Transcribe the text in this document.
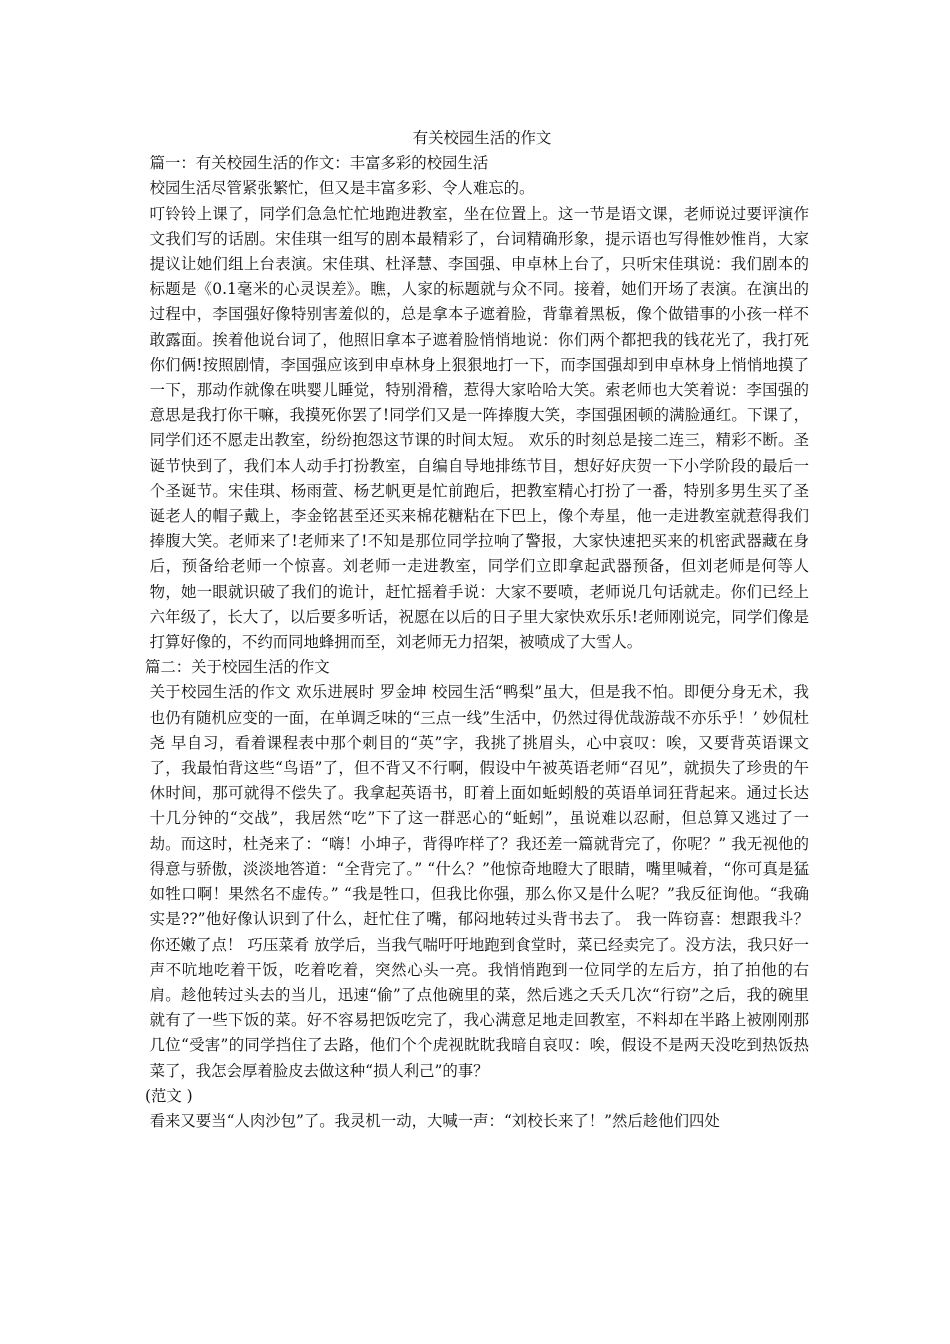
有关校园生活的作文

篇一：有关校园生活的作文：丰富多彩的校园生活

校园生活尽管紧张繁忙，但又是丰富多彩、令人难忘的。

叮铃铃上课了，同学们急急忙忙地跑进教室，坐在位置上。这一节是语文课，老师说过要评演作文我们写的话剧。宋佳琪一组写的剧本最精彩了，台词精确形象，提示语也写得惟妙惟肖，大家提议让她们组上台表演。宋佳琪、杜泽慧、李国强、申卓林上台了，只听宋佳琪说：我们剧本的标题是《0.1毫米的心灵误差》。瞧，人家的标题就与众不同。接着，她们开场了表演。在演出的过程中，李国强好像特别害羞似的，总是拿本子遮着脸，背靠着黑板，像个做错事的小孩一样不敢露面。挨着他说台词了，他照旧拿本子遮着脸悄悄地说：你们两个都把我的钱花光了，我打死你们俩!按照剧情，李国强应该到申卓林身上狠狠地打一下，而李国强却到申卓林身上悄悄地摸了一下，那动作就像在哄婴儿睡觉，特别滑稽，惹得大家哈哈大笑。索老师也大笑着说：李国强的意思是我打你干嘛，我摸死你罢了!同学们又是一阵捧腹大笑，李国强困顿的满脸通红。下课了，同学们还不愿走出教室，纷纷抱怨这节课的时间太短。 欢乐的时刻总是接二连三，精彩不断。圣诞节快到了，我们本人动手打扮教室，自编自导地排练节目，想好好庆贺一下小学阶段的最后一个圣诞节。宋佳琪、杨雨萱、杨艺帆更是忙前跑后，把教室精心打扮了一番，特别多男生买了圣诞老人的帽子戴上，李金铭甚至还买来棉花糖粘在下巴上，像个寿星，他一走进教室就惹得我们捧腹大笑。老师来了!老师来了!不知是那位同学拉响了警报，大家快速把买来的机密武器藏在身后，预备给老师一个惊喜。刘老师一走进教室，同学们立即拿起武器预备，但刘老师是何等人物，她一眼就识破了我们的诡计，赶忙摇着手说：大家不要喷，老师说几句话就走。你们已经上六年级了，长大了，以后要多听话，祝愿在以后的日子里大家快欢乐乐!老师刚说完，同学们像是打算好像的，不约而同地蜂拥而至，刘老师无力招架，被喷成了大雪人。

篇二：关于校园生活的作文

关于校园生活的作文 欢乐进展时 罗金坤 校园生活“鸭梨”虽大，但是我不怕。即便分身无术，我也仍有随机应变的一面，在单调乏味的“三点一线”生活中，仍然过得优哉游哉不亦乐乎！’ 妙侃杜尧 早自习，看着课程表中那个刺目的“英”字，我挑了挑眉头，心中哀叹：唉，又要背英语课文了，我最怕背这些“鸟语”了，但不背又不行啊，假设中午被英语老师“召见”，就损失了珍贵的午休时间，那可就得不偿失了。我拿起英语书，盯着上面如蚯蚓般的英语单词狂背起来。通过长达十几分钟的“交战”，我居然“吃”下了这一群恶心的“蚯蚓”，虽说难以忍耐，但总算又逃过了一劫。而这时，杜尧来了：“嗨！小坤子，背得咋样了？我还差一篇就背完了，你呢？” 我无视他的得意与骄傲，淡淡地答道：“全背完了。” “什么？”他惊奇地瞪大了眼睛，嘴里喊着，“你可真是猛如牲口啊！果然名不虚传。” “我是牲口，但我比你强，那么你又是什么呢？”我反征询他。“我确实是??”他好像认识到了什么，赶忙住了嘴，郁闷地转过头背书去了。 我一阵窃喜：想跟我斗？你还嫩了点！ 巧压菜肴 放学后，当我气喘吁吁地跑到食堂时，菜已经卖完了。没方法，我只好一声不吭地吃着干饭，吃着吃着，突然心头一亮。我悄悄跑到一位同学的左后方，拍了拍他的右肩。趁他转过头去的当儿，迅速“偷”了点他碗里的菜，然后逃之夭夭几次“行窃”之后，我的碗里就有了一些下饭的菜。好不容易把饭吃完了，我心满意足地走回教室，不料却在半路上被刚刚那几位“受害”的同学挡住了去路，他们个个虎视眈眈我暗自哀叹：唉，假设不是两天没吃到热饭热菜了，我怎会厚着脸皮去做这种“损人利己”的事？

(范文 )

看来又要当“人肉沙包”了。我灵机一动，大喊一声：“刘校长来了！”然后趁他们四处
